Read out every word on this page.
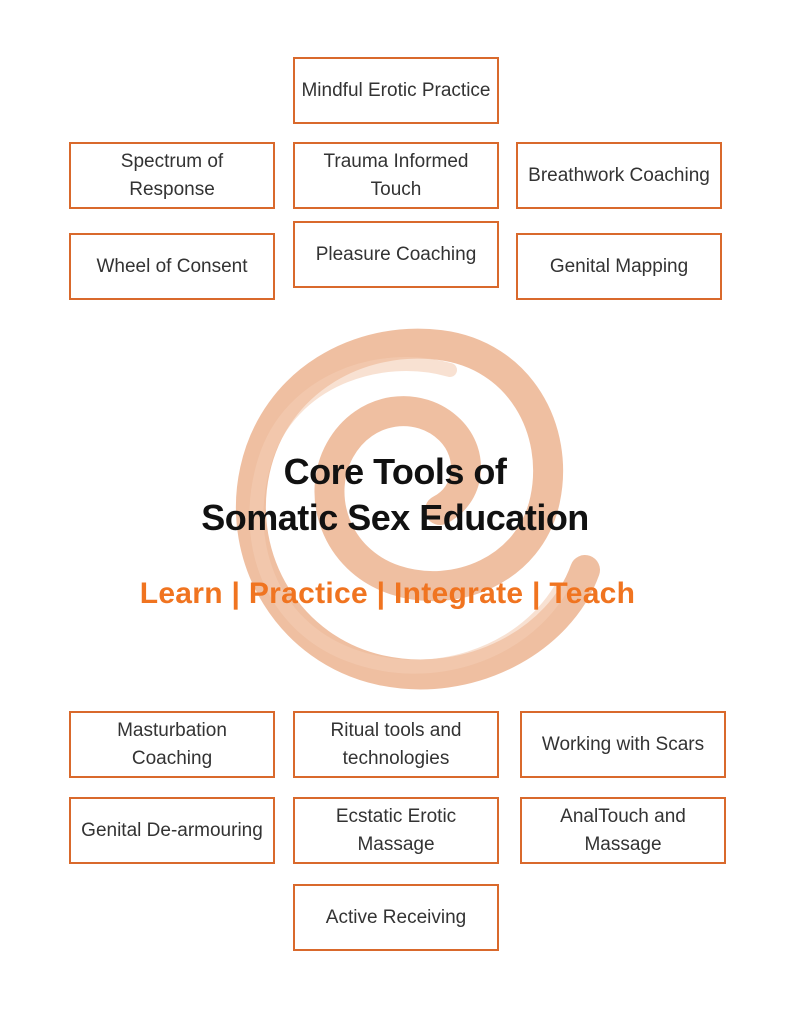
Mindful Erotic Practice
Spectrum of Response
Trauma Informed Touch
Breathwork Coaching
Wheel of Consent
Pleasure Coaching
Genital Mapping
Core Tools of
Somatic Sex Education
Learn | Practice | Integrate | Teach
Masturbation Coaching
Ritual tools and technologies
Working with Scars
Genital De-armouring
Ecstatic Erotic Massage
AnalTouch and Massage
Active Receiving
